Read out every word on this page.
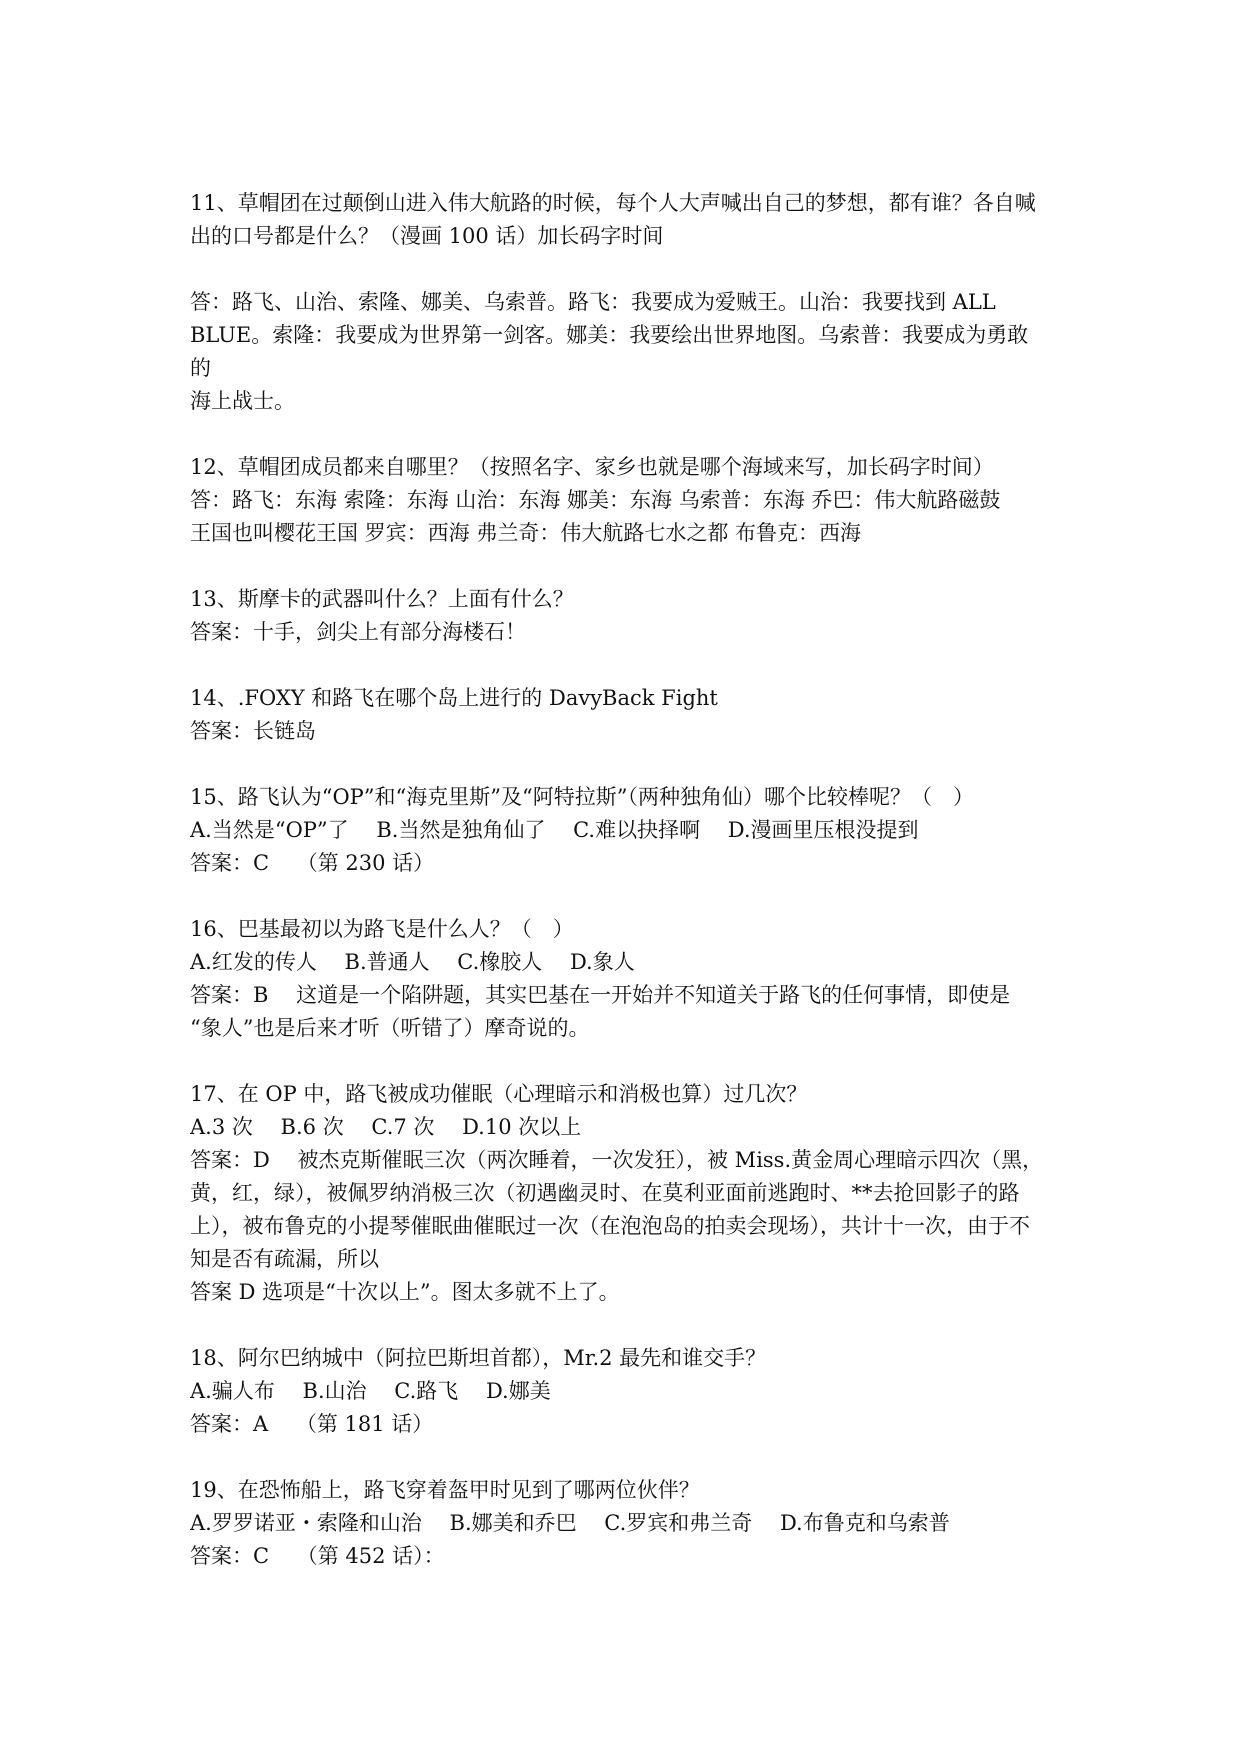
11、草帽团在过颠倒山进入伟大航路的时候，每个人大声喊出自己的梦想，都有谁？各自喊
出的口号都是什么？（漫画 100 话）加长码字时间
答：路飞、山治、索隆、娜美、乌索普。路飞：我要成为爱贼王。山治：我要找到 ALL
BLUE。索隆：我要成为世界第一剑客。娜美：我要绘出世界地图。乌索普：我要成为勇敢
的
海上战士。
12、草帽团成员都来自哪里？（按照名字、家乡也就是哪个海域来写，加长码字时间）
答：路飞：东海 索隆：东海 山治：东海 娜美：东海 乌索普：东海 乔巴：伟大航路磁鼓
王国也叫樱花王国 罗宾：西海 弗兰奇：伟大航路七水之都 布鲁克：西海
13、斯摩卡的武器叫什么？上面有什么？
答案：十手，剑尖上有部分海楼石！
14、.FOXY 和路飞在哪个岛上进行的 DavyBack Fight
答案：长链岛
15、路飞认为“OP”和“海克里斯”及“阿特拉斯”（两种独角仙）哪个比较棒呢？（　）
A.当然是“OP”了　 B.当然是独角仙了　 C.难以抉择啊　 D.漫画里压根没提到
答案：C　 （第 230 话）
16、巴基最初以为路飞是什么人？（　）
A.红发的传人　 B.普通人　 C.橡胶人　 D.象人
答案：B　 这道是一个陷阱题，其实巴基在一开始并不知道关于路飞的任何事情，即使是
“象人”也是后来才听（听错了）摩奇说的。
17、在 OP 中，路飞被成功催眠（心理暗示和消极也算）过几次？
A.3 次　 B.6 次　 C.7 次　 D.10 次以上
答案：D　 被杰克斯催眠三次（两次睡着，一次发狂），被 Miss.黄金周心理暗示四次（黑，
黄，红，绿），被佩罗纳消极三次（初遇幽灵时、在莫利亚面前逃跑时、**去抢回影子的路
上），被布鲁克的小提琴催眠曲催眠过一次（在泡泡岛的拍卖会现场），共计十一次，由于不
知是否有疏漏，所以
答案 D 选项是“十次以上”。图太多就不上了。
18、阿尔巴纳城中（阿拉巴斯坦首都），Mr.2 最先和谁交手？
A.骗人布　 B.山治　 C.路飞　 D.娜美
答案：A　 （第 181 话）
19、在恐怖船上，路飞穿着盔甲时见到了哪两位伙伴？
A.罗罗诺亚・索隆和山治　 B.娜美和乔巴　 C.罗宾和弗兰奇　 D.布鲁克和乌索普
答案：C　 （第 452 话）：
